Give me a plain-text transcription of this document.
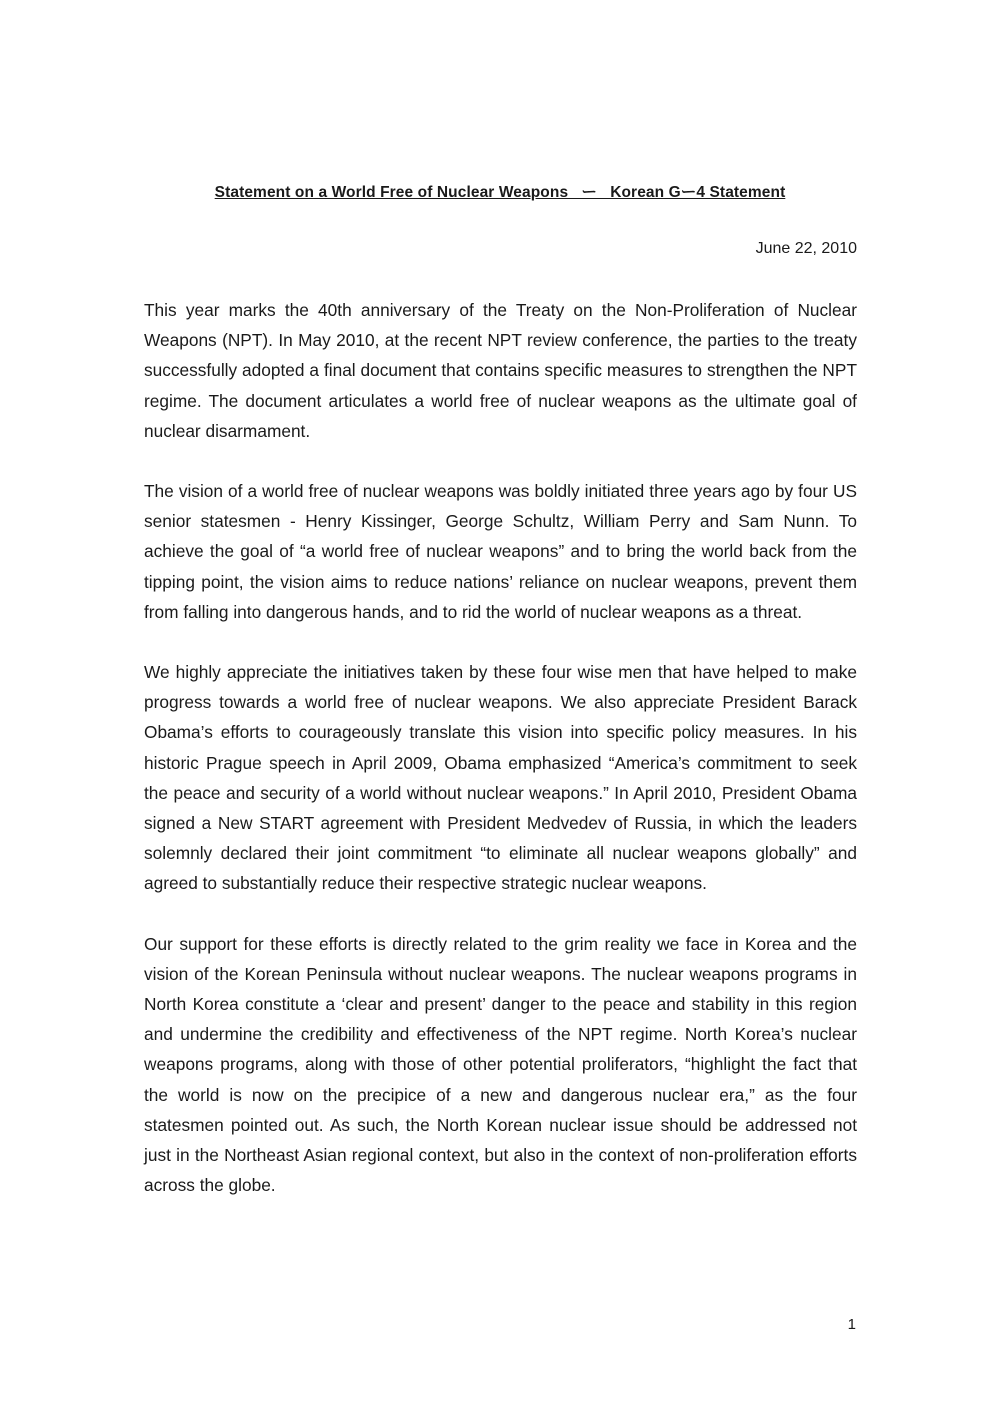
Statement on a World Free of Nuclear Weapons   ー   Korean Gー4 Statement
June 22, 2010

This year marks the 40th anniversary of the Treaty on the Non-Proliferation of Nuclear Weapons (NPT). In May 2010, at the recent NPT review conference, the parties to the treaty successfully adopted a final document that contains specific measures to strengthen the NPT regime. The document articulates a world free of nuclear weapons as the ultimate goal of nuclear disarmament.

The vision of a world free of nuclear weapons was boldly initiated three years ago by four US senior statesmen - Henry Kissinger, George Schultz, William Perry and Sam Nunn. To achieve the goal of “a world free of nuclear weapons” and to bring the world back from the tipping point, the vision aims to reduce nations’ reliance on nuclear weapons, prevent them from falling into dangerous hands, and to rid the world of nuclear weapons as a threat.

We highly appreciate the initiatives taken by these four wise men that have helped to make progress towards a world free of nuclear weapons. We also appreciate President Barack Obama’s efforts to courageously translate this vision into specific policy measures. In his historic Prague speech in April 2009, Obama emphasized “America’s commitment to seek the peace and security of a world without nuclear weapons.” In April 2010, President Obama signed a New START agreement with President Medvedev of Russia, in which the leaders solemnly declared their joint commitment “to eliminate all nuclear weapons globally” and agreed to substantially reduce their respective strategic nuclear weapons.

Our support for these efforts is directly related to the grim reality we face in Korea and the vision of the Korean Peninsula without nuclear weapons. The nuclear weapons programs in North Korea constitute a ‘clear and present’ danger to the peace and stability in this region and undermine the credibility and effectiveness of the NPT regime. North Korea’s nuclear weapons programs, along with those of other potential proliferators, “highlight the fact that the world is now on the precipice of a new and dangerous nuclear era,” as the four statesmen pointed out. As such, the North Korean nuclear issue should be addressed not just in the Northeast Asian regional context, but also in the context of non-proliferation efforts across the globe.

1
